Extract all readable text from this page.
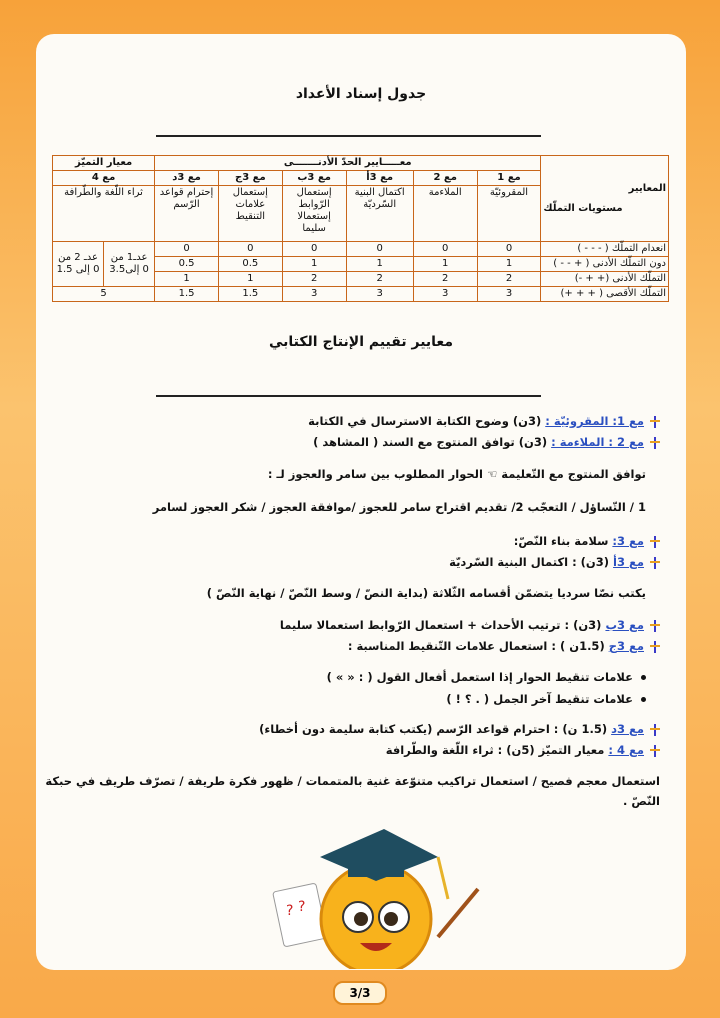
جدول إسناد الأعداد
المعايير
مستويات التملّك	معـــــايير الحدّ الأدنـــــــى						معيار التميّز	
	مع 1	مع 2	مع 3أ	مع 3ب	مع 3ج	مع 3د	مع 4	
	المقروئيّة	الملاءمة	اكتمال البنية السّرديّة	إستعمال الرّوابط إستعمالا سليما	إستعمال علامات التنقيط	إحترام قواعد الرّسم	ثراء اللّغة والطّرافة	
انعدام التملّك ( - - - )	0	0	0	0	0	0	عدـ1 من 0 إلى3.5	عدـ 2 من 0 إلى 1.5
دون التملّك الأدنى ( + - - )	1	1	1	1	0.5	0.5		
التملّك الأدنى (+ + -)	2	2	2	2	1	1		
التملّك الأقصى ( + + +)	3	3	3	3	1.5	1.5	5	
معايير تقييم الإنتاج الكتابي
مع 1: المقروئيّة : (3ن) وضوح الكتابة الاسترسال في الكتابة
مع 2 : الملاءمة : (3ن) توافق المنتوج مع السند ( المشاهد )
توافق المنتوج مع التّعليمة ☜ الحوار المطلوب بين سامر والعجوز لـ :
1 / التّساؤل / التعجّب 2/ تقديم اقتراح سامر للعجوز /موافقة العجوز / شكر العجوز لسامر
مع 3: سلامة بناء النّصّ:
مع 3أ (3ن) : اكتمال البنية السّرديّة
يكتب نصّا سرديا يتضمّن أقسامه الثّلاثة (بداية النصّ / وسط النّصّ / نهاية النّصّ )
مع 3ب (3ن) : ترتيب الأحداث + استعمال الرّوابط استعمالا سليما
مع 3ج (1.5ن ) : استعمال علامات التّنقيط المناسبة :
علامات تنقيط الحوار إذا استعمل أفعال القول ( : « » )
علامات تنقيط آخر الجمل ( . ؟ ! )
مع 3د (1.5 ن) : احترام قواعد الرّسم (يكتب كتابة سليمة دون أخطاء)
مع 4 : معيار التميّز (5ن) : ثراء اللّغة والطّرافة
استعمال معجم فصيح / استعمال تراكيب متنوّعة غنية بالمتممات / ظهور فكرة طريفة / تصرّف طريف في حبكة
النّصّ .
? ?
3/3
